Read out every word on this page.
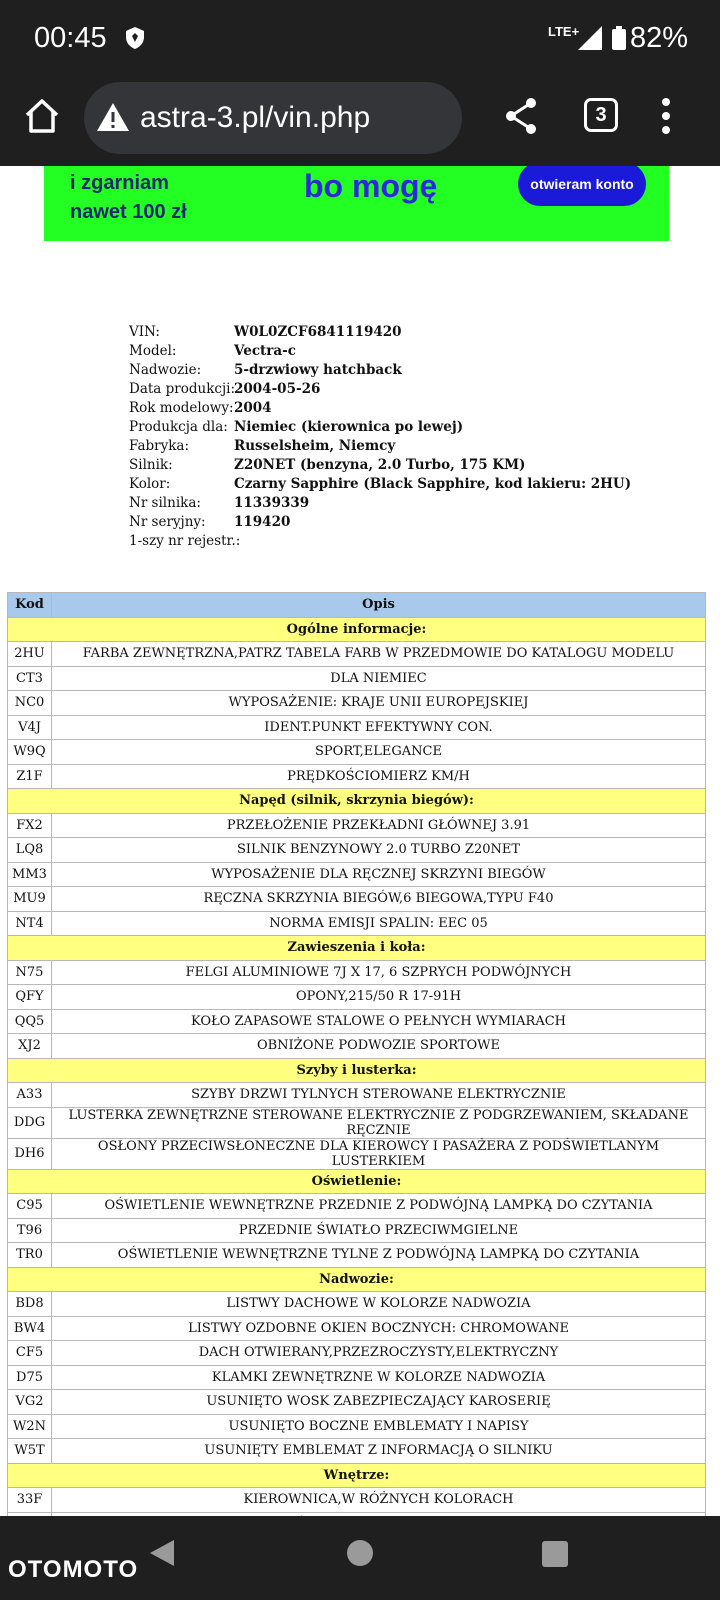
00:45	LTE+ 82%
astra-3.pl/vin.php	3
i zgarniam
nawet 100 zł
bo mogę	otwieram konto
VIN:	W0L0ZCF6841119420
Model:	Vectra-c
Nadwozie: 5-drzwiowy hatchback
Data produkcji:2004-05-26
Rok modelowy:2004
Produkcja dla: Niemiec (kierownica po lewej)
Fabryka:	Russelsheim, Niemcy
Silnik:	Z20NET (benzyna, 2.0 Turbo, 175 KM)
Kolor:	Czarny Sapphire (Black Sapphire, kod lakieru: 2HU)
Nr silnika: 11339339
Nr seryjny: 119420
1-szy nr rejestr.:
Kod	Opis
Ogólne informacje:	
2HU	FARBA ZEWNĘTRZNA,PATRZ TABELA FARB W PRZEDMOWIE DO KATALOGU MODELU
CT3	DLA NIEMIEC
NC0	WYPOSAŻENIE: KRAJE UNII EUROPEJSKIEJ
V4J	IDENT.PUNKT EFEKTYWNY CON.
W9Q	SPORT,ELEGANCE
Z1F	PRĘDKOŚCIOMIERZ KM/H
Napęd (silnik, skrzynia biegów):	
FX2	PRZEŁOŻENIE PRZEKŁADNI GŁÓWNEJ 3.91
LQ8	SILNIK BENZYNOWY 2.0 TURBO Z20NET
MM3	WYPOSAŻENIE DLA RĘCZNEJ SKRZYNI BIEGÓW
MU9	RĘCZNA SKRZYNIA BIEGÓW,6 BIEGOWA,TYPU F40
NT4	NORMA EMISJI SPALIN: EEC 05
Zawieszenia i koła:	
N75	FELGI ALUMINIOWE 7J X 17, 6 SZPRYCH PODWÓJNYCH
QFY	OPONY,215/50 R 17-91H
QQ5	KOŁO ZAPASOWE STALOWE O PEŁNYCH WYMIARACH
XJ2	OBNIŻONE PODWOZIE SPORTOWE
Szyby i lusterka:	
A33	SZYBY DRZWI TYLNYCH STEROWANE ELEKTRYCZNIE
DDG	LUSTERKA ZEWNĘTRZNE STEROWANE ELEKTRYCZNIE Z PODGRZEWANIEM, SKŁADANE RĘCZNIE
DH6	OSŁONY PRZECIWSŁONECZNE DLA KIEROWCY I PASAŻERA Z PODŚWIETLANYM LUSTERKIEM
Oświetlenie:	
C95	OŚWIETLENIE WEWNĘTRZNE PRZEDNIE Z PODWÓJNĄ LAMPKĄ DO CZYTANIA
T96	PRZEDNIE ŚWIATŁO PRZECIWMGIELNE
TR0	OŚWIETLENIE WEWNĘTRZNE TYLNE Z PODWÓJNĄ LAMPKĄ DO CZYTANIA
Nadwozie:	
BD8	LISTWY DACHOWE W KOLORZE NADWOZIA
BW4	LISTWY OZDOBNE OKIEN BOCZNYCH: CHROMOWANE
CF5	DACH OTWIERANY,PRZEZROCZYSTY,ELEKTRYCZNY
D75	KLAMKI ZEWNĘTRZNE W KOLORZE NADWOZIA
VG2	USUNIĘTO WOSK ZABEZPIECZAJĄCY KAROSERIĘ
W2N	USUNIĘTO BOCZNE EMBLEMATY I NAPISY
W5T	USUNIĘTY EMBLEMAT Z INFORMACJĄ O SILNIKU
Wnętrze:	
33F	KIEROWNICA,W RÓŻNYCH KOLORACH

OTOMOTO
